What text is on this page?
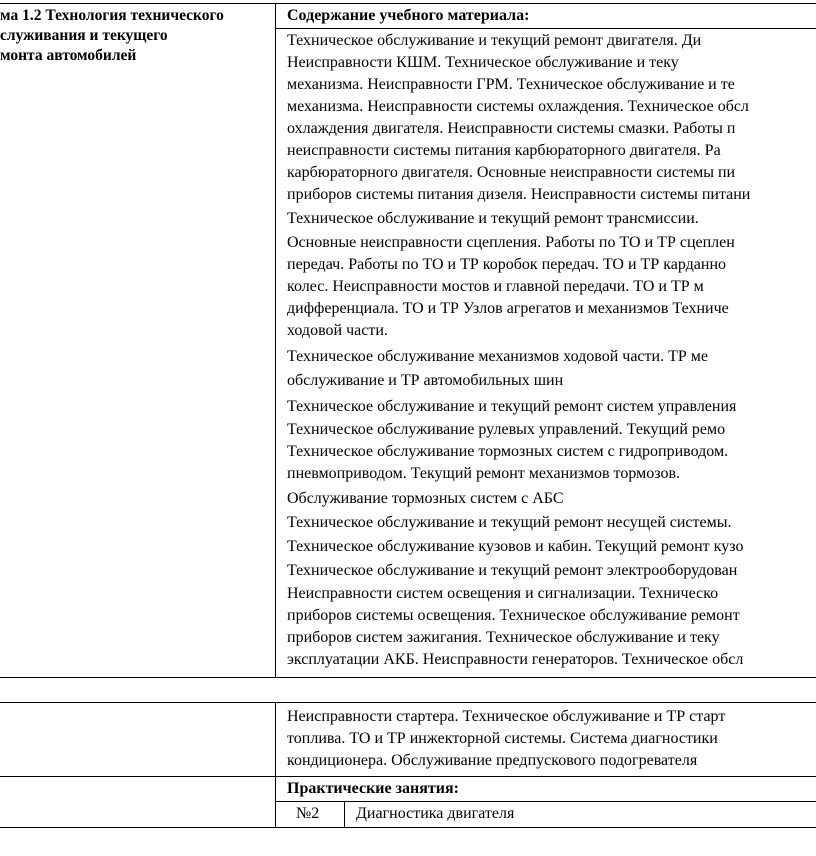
ма 1.2 Технология технического
служивания и текущего
монта автомобилей
Содержание учебного материала:
Техническое обслуживание и текущий ремонт двигателя. Ди
Неисправности КШМ. Техническое обслуживание и теку
механизма. Неисправности ГРМ. Техническое обслуживание и те
механизма. Неисправности системы охлаждения. Техническое обсл
охлаждения двигателя. Неисправности системы смазки. Работы п
неисправности системы питания карбюраторного двигателя. Ра
карбюраторного двигателя. Основные неисправности системы пи
приборов системы питания дизеля. Неисправности системы питани
Техническое обслуживание и текущий ремонт трансмиссии.
Основные неисправности сцепления. Работы по ТО и ТР сцеплен
передач. Работы по ТО и ТР коробок передач. ТО и ТР карданно
колес. Неисправности мостов и главной передачи. ТО и ТР м
дифференциала. ТО и ТР Узлов агрегатов и механизмов Техниче
ходовой части.
Техническое обслуживание механизмов ходовой части. ТР ме
обслуживание и ТР автомобильных шин
Техническое обслуживание и текущий ремонт систем управления
Техническое обслуживание рулевых управлений. Текущий ремо
Техническое обслуживание тормозных систем с гидроприводом.
пневмоприводом. Текущий ремонт механизмов тормозов.
Обслуживание тормозных систем с АБС
Техническое обслуживание и текущий ремонт несущей системы.
Техническое обслуживание кузовов и кабин. Текущий ремонт кузо
Техническое обслуживание и текущий ремонт электрооборудован
Неисправности систем освещения и сигнализации. Техническо
приборов системы освещения. Техническое обслуживание ремонт
приборов систем зажигания. Техническое обслуживание и теку
эксплуатации АКБ. Неисправности генераторов. Техническое обсл
Неисправности стартера. Техническое обслуживание и ТР старт
топлива. ТО и ТР инжекторной системы. Система диагностики
кондиционера. Обслуживание предпускового подогревателя
Практические занятия:
№2 Диагностика двигателя
